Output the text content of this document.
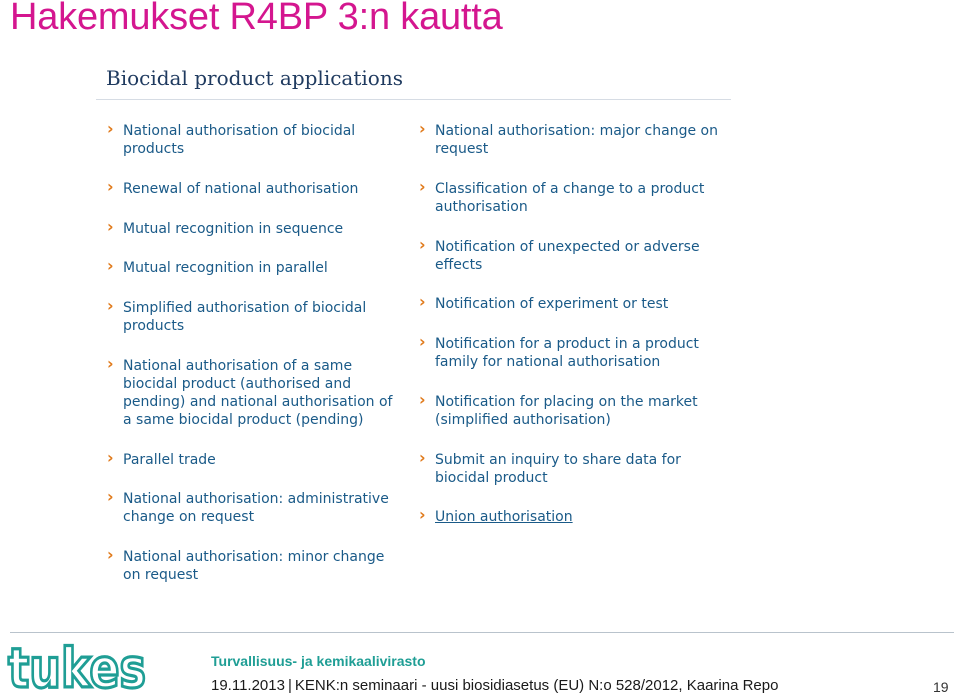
Hakemukset R4BP 3:n kautta
Biocidal product applications
›
National authorisation of biocidal
products
›
Renewal of national authorisation
›
Mutual recognition in sequence
›
Mutual recognition in parallel
›
Simplified authorisation of biocidal
products
›
National authorisation of a same
biocidal product (authorised and
pending) and national authorisation of
a same biocidal product (pending)
›
Parallel trade
›
National authorisation: administrative
change on request
›
National authorisation: minor change
on request
›
National authorisation: major change on
request
›
Classification of a change to a product
authorisation
›
Notification of unexpected or adverse
effects
›
Notification of experiment or test
›
Notification for a product in a product
family for national authorisation
›
Notification for placing on the market
(simplified authorisation)
›
Submit an inquiry to share data for
biocidal product
›
Union authorisation
tukes	Turvallisuus- ja kemikaalivirasto

19.11.2013 | KENK:n seminaari - uusi biosidiasetus (EU) N:o 528/2012, Kaarina Repo	19
